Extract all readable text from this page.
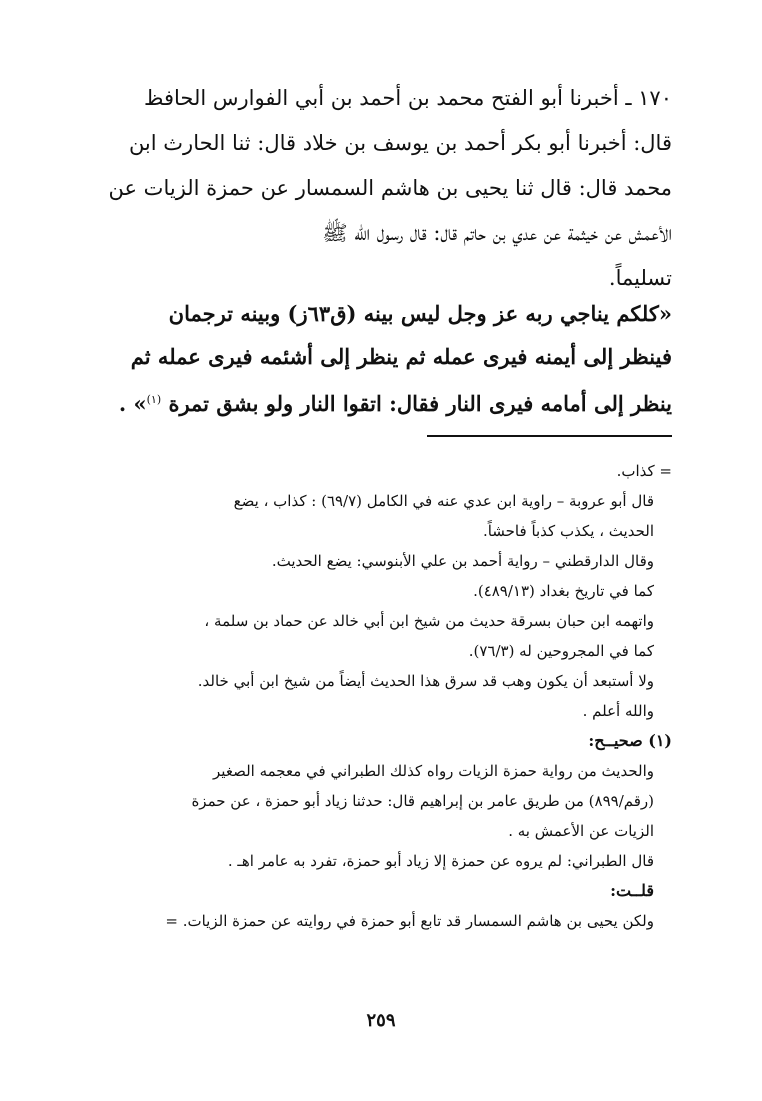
١٧٠ ـ أخبرنا أبو الفتح محمد بن أحمد بن أبي الفوارس الحافظ
قال: أخبرنا أبو بكر أحمد بن يوسف بن خلاد قال: ثنا الحارث ابن
محمد قال: قال ثنا يحيى بن هاشم السمسار عن حمزة الزيات عن
الأعمش عن خيثمة عن عدي بن حاتم قال: قال رسول الله ﷺ
تسليماً.
«كلكم يناجي ربه عز وجل ليس بينه (ق٦٣ز) وبينه ترجمان
فينظر إلى أيمنه فيرى عمله ثم ينظر إلى أشئمه فيرى عمله ثم
ينظر إلى أمامه فيرى النار فقال: اتقوا النار ولو بشق تمرة $^{(١)}$» .
= كذاب.
قال أبو عروبة – راوية ابن عدي عنه في الكامل (٦٩/٧) : كذاب ، يضع
الحديث ، يكذب كذباً فاحشاً.
وقال الدارقطني – رواية أحمد بن علي الأبنوسي: يضع الحديث.
كما في تاريخ بغداد (٤٨٩/١٣).
واتهمه ابن حبان بسرقة حديث من شيخ ابن أبي خالد عن حماد بن سلمة ،
كما في المجروحين له (٧٦/٣).
ولا أستبعد أن يكون وهب قد سرق هذا الحديث أيضاً من شيخ ابن أبي خالد.
والله أعلم .
(١) صحيــح:
والحديث من رواية حمزة الزيات رواه كذلك الطبراني في معجمه الصغير
(رقم/٨٩٩) من طريق عامر بن إبراهيم قال: حدثنا زياد أبو حمزة ، عن حمزة
الزيات عن الأعمش به .
قال الطبراني: لم يروه عن حمزة إلا زياد أبو حمزة، تفرد به عامر اهـ .
قلــت:
ولكن يحيى بن هاشم السمسار قد تابع أبو حمزة في روايته عن حمزة الزيات. =
٢٥٩
